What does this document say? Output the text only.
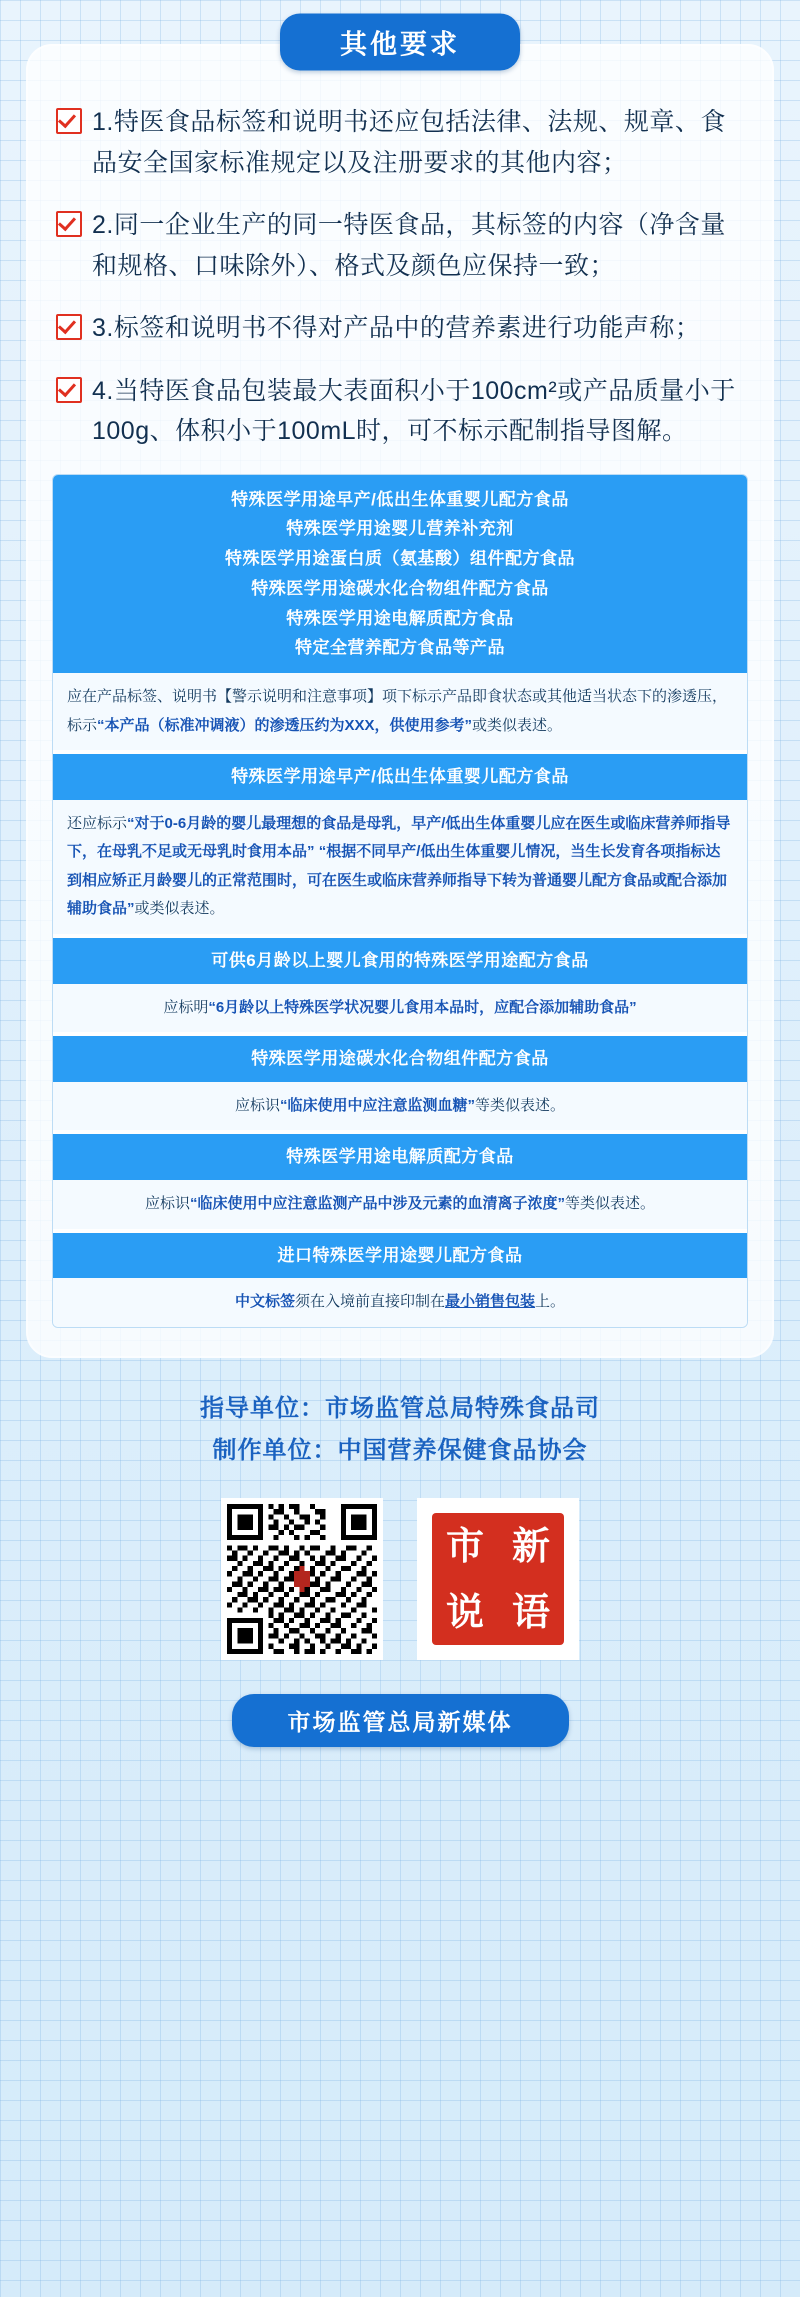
其他要求
1.特医食品标签和说明书还应包括法律、法规、规章、食品安全国家标准规定以及注册要求的其他内容；
2.同一企业生产的同一特医食品，其标签的内容（净含量和规格、口味除外）、格式及颜色应保持一致；
3.标签和说明书不得对产品中的营养素进行功能声称；
4.当特医食品包装最大表面积小于100cm²或产品质量小于100g、体积小于100mL时，可不标示配制指导图解。
特殊医学用途早产/低出生体重婴儿配方食品
特殊医学用途婴儿营养补充剂
特殊医学用途蛋白质（氨基酸）组件配方食品
特殊医学用途碳水化合物组件配方食品
特殊医学用途电解质配方食品
特定全营养配方食品等产品
应在产品标签、说明书【警示说明和注意事项】项下标示产品即食状态或其他适当状态下的渗透压，标示“本产品（标准冲调液）的渗透压约为XXX，供使用参考”或类似表述。
特殊医学用途早产/低出生体重婴儿配方食品
还应标示“对于0-6月龄的婴儿最理想的食品是母乳，早产/低出生体重婴儿应在医生或临床营养师指导下，在母乳不足或无母乳时食用本品” “根据不同早产/低出生体重婴儿情况，当生长发育各项指标达到相应矫正月龄婴儿的正常范围时，可在医生或临床营养师指导下转为普通婴儿配方食品或配合添加辅助食品”或类似表述。
可供6月龄以上婴儿食用的特殊医学用途配方食品
应标明“6月龄以上特殊医学状况婴儿食用本品时，应配合添加辅助食品”
特殊医学用途碳水化合物组件配方食品
应标识“临床使用中应注意监测血糖”等类似表述。
特殊医学用途电解质配方食品
应标识“临床使用中应注意监测产品中涉及元素的血清离子浓度”等类似表述。
进口特殊医学用途婴儿配方食品
中文标签须在入境前直接印制在最小销售包装上。
指导单位：市场监管总局特殊食品司
制作单位：中国营养保健食品协会
市 新
说 语
市场监管总局新媒体
